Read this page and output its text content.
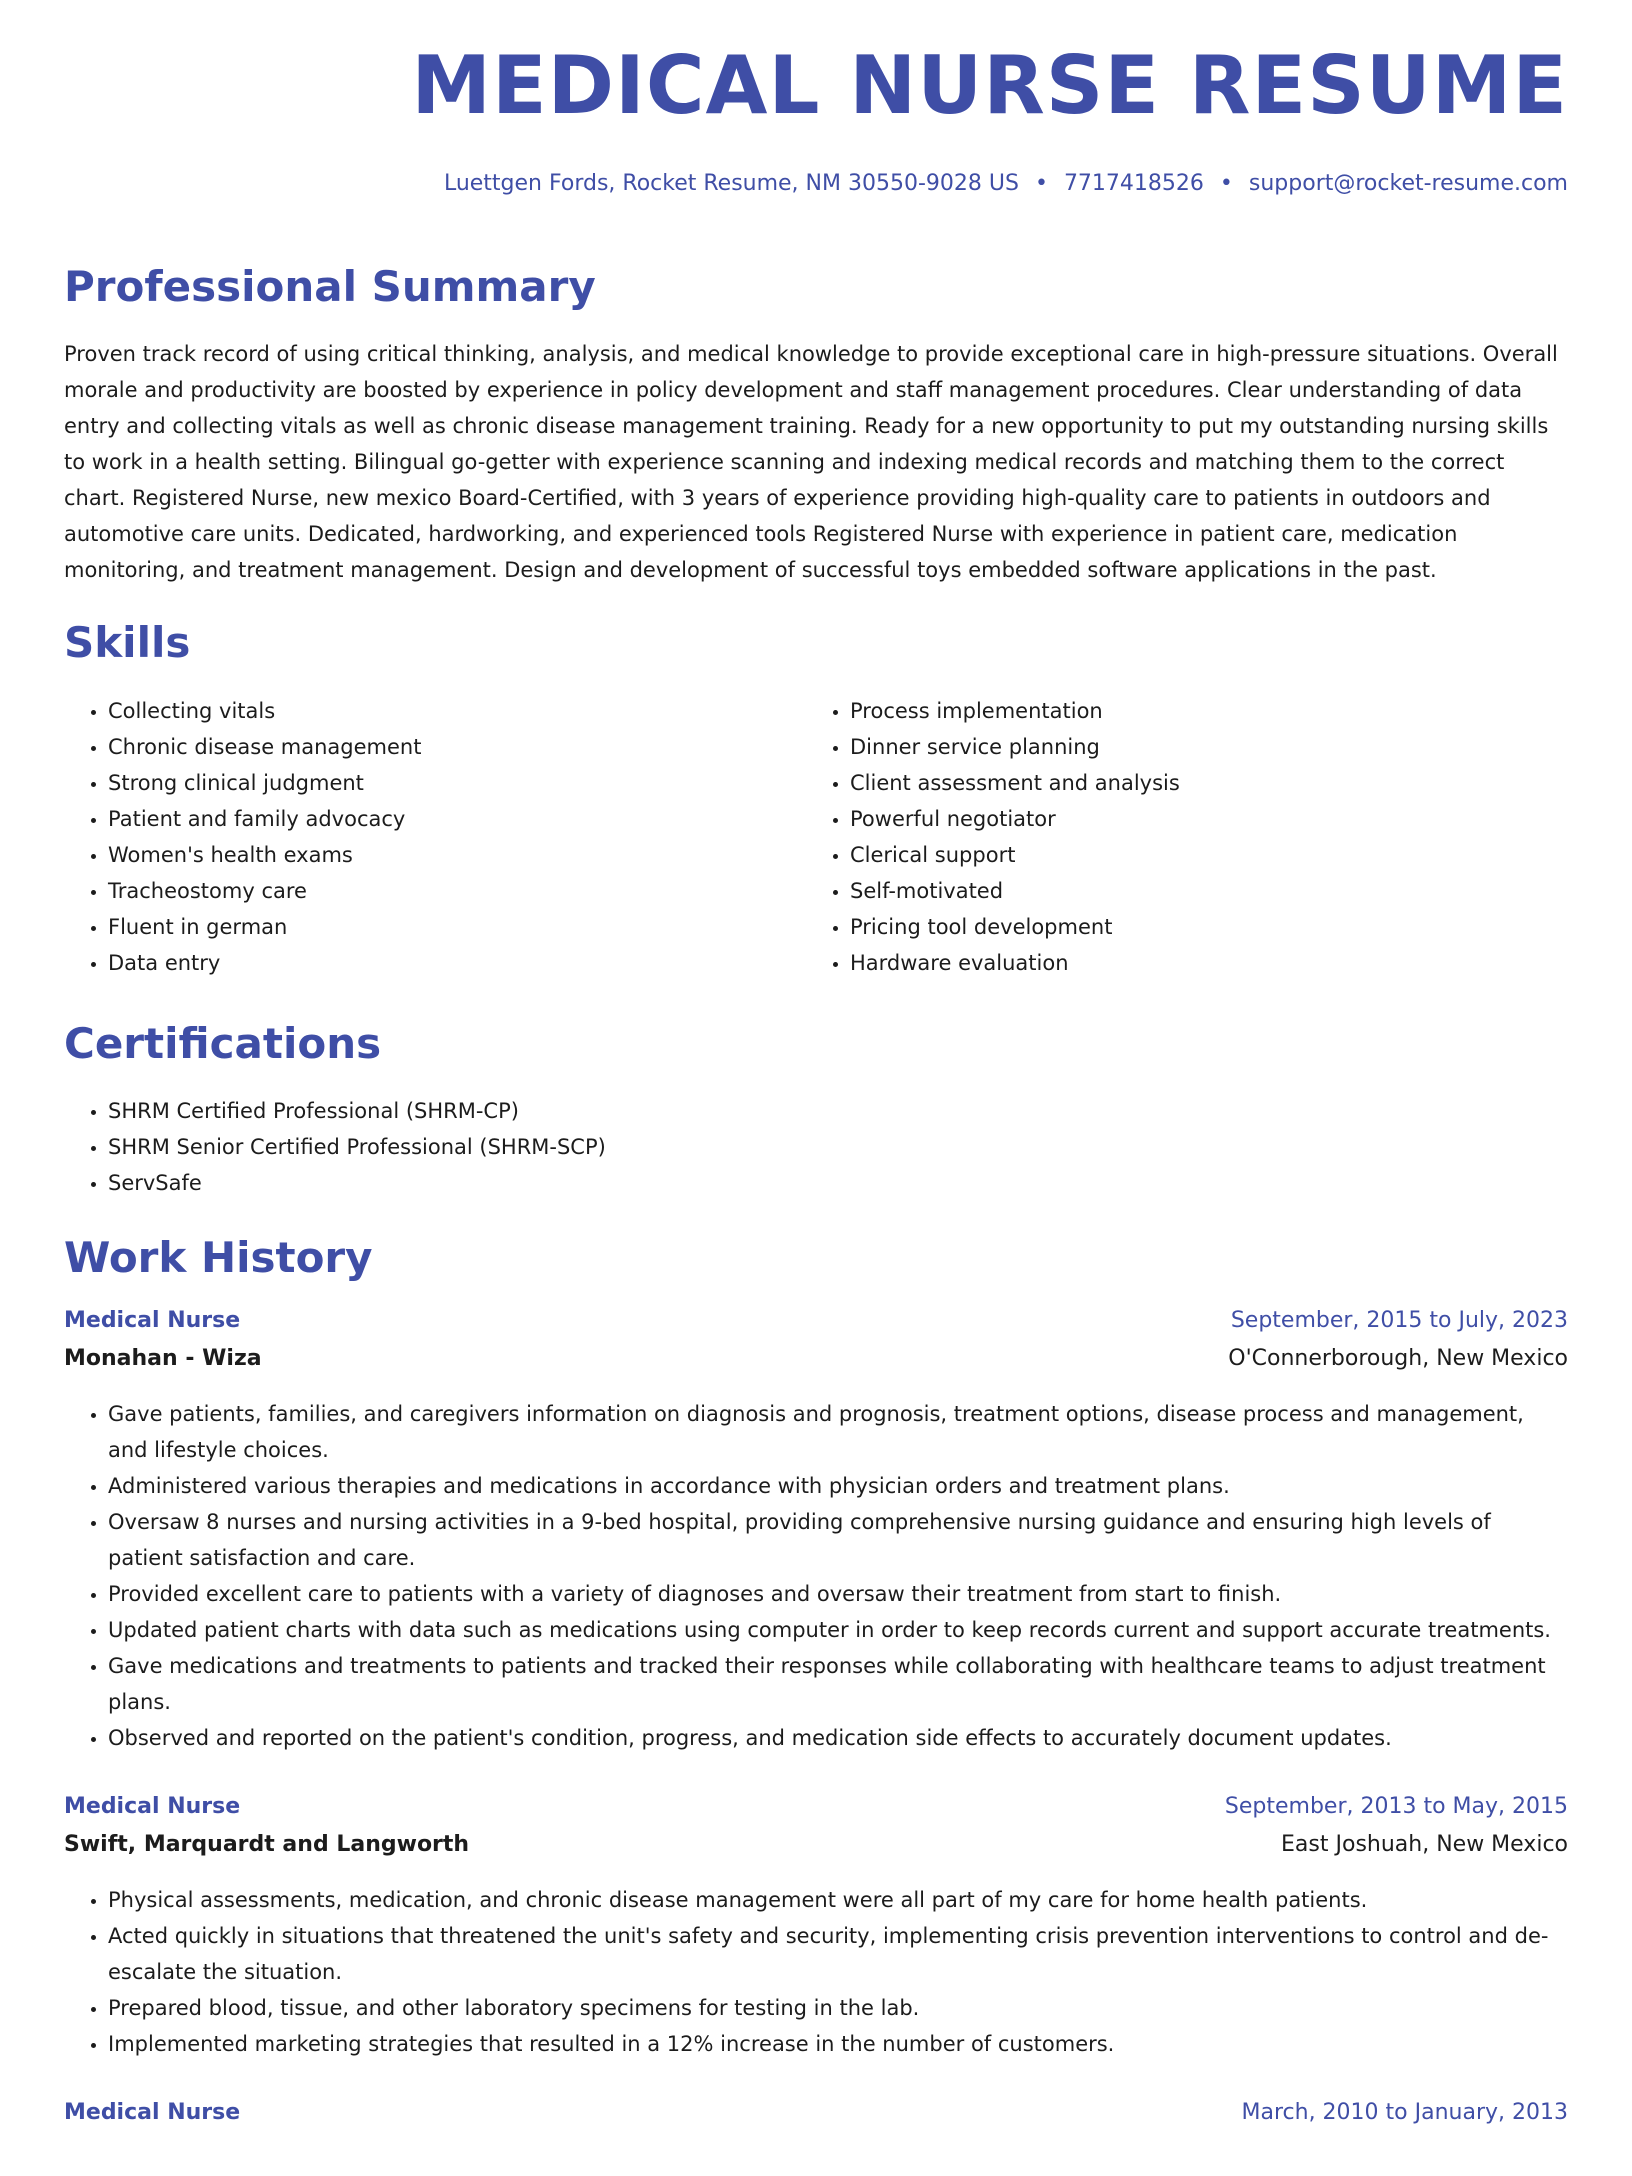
MEDICAL NURSE RESUME
Luettgen Fords, Rocket Resume, NM 30550-9028 US • 7717418526 • support@rocket-resume.com
Professional Summary

Proven track record of using critical thinking, analysis, and medical knowledge to provide exceptional care in high-pressure situations. Overall morale and productivity are boosted by experience in policy development and staff management procedures. Clear understanding of data entry and collecting vitals as well as chronic disease management training. Ready for a new opportunity to put my outstanding nursing skills to work in a health setting. Bilingual go-getter with experience scanning and indexing medical records and matching them to the correct chart. Registered Nurse, new mexico Board-Certified, with 3 years of experience providing high-quality care to patients in outdoors and automotive care units. Dedicated, hardworking, and experienced tools Registered Nurse with experience in patient care, medication monitoring, and treatment management. Design and development of successful toys embedded software applications in the past.

Skills
• Collecting vitals
• Chronic disease management
• Strong clinical judgment
• Patient and family advocacy
• Women's health exams
• Tracheostomy care
• Fluent in german
• Data entry
• Process implementation
• Dinner service planning
• Client assessment and analysis
• Powerful negotiator
• Clerical support
• Self-motivated
• Pricing tool development
• Hardware evaluation
Certifications
• SHRM Certified Professional (SHRM-CP)
• SHRM Senior Certified Professional (SHRM-SCP)
• ServSafe
Work History
Medical Nurse	September, 2015 to July, 2023
Monahan - Wiza	O'Connerborough, New Mexico
• Gave patients, families, and caregivers information on diagnosis and prognosis, treatment options, disease process and management, and lifestyle choices.
• Administered various therapies and medications in accordance with physician orders and treatment plans.
• Oversaw 8 nurses and nursing activities in a 9-bed hospital, providing comprehensive nursing guidance and ensuring high levels of patient satisfaction and care.
• Provided excellent care to patients with a variety of diagnoses and oversaw their treatment from start to finish.
• Updated patient charts with data such as medications using computer in order to keep records current and support accurate treatments.
• Gave medications and treatments to patients and tracked their responses while collaborating with healthcare teams to adjust treatment plans.
• Observed and reported on the patient's condition, progress, and medication side effects to accurately document updates.
Medical Nurse	September, 2013 to May, 2015
Swift, Marquardt and Langworth	East Joshuah, New Mexico
• Physical assessments, medication, and chronic disease management were all part of my care for home health patients.
• Acted quickly in situations that threatened the unit's safety and security, implementing crisis prevention interventions to control and de-escalate the situation.
• Prepared blood, tissue, and other laboratory specimens for testing in the lab.
• Implemented marketing strategies that resulted in a 12% increase in the number of customers.
Medical Nurse	March, 2010 to January, 2013
